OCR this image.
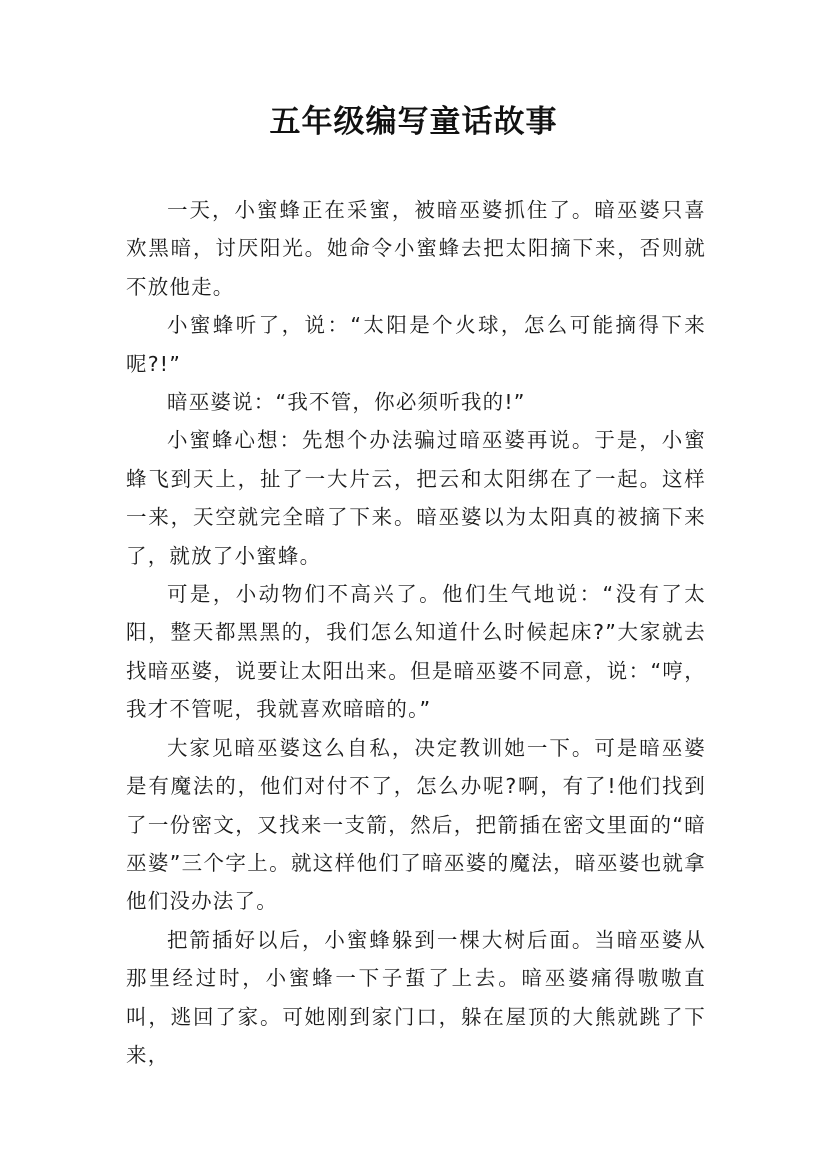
五年级编写童话故事

一天，小蜜蜂正在采蜜，被暗巫婆抓住了。暗巫婆只喜欢黑暗，讨厌阳光。她命令小蜜蜂去把太阳摘下来，否则就不放他走。

小蜜蜂听了，说：“太阳是个火球，怎么可能摘得下来呢?!”

暗巫婆说：“我不管，你必须听我的!”

小蜜蜂心想：先想个办法骗过暗巫婆再说。于是，小蜜蜂飞到天上，扯了一大片云，把云和太阳绑在了一起。这样一来，天空就完全暗了下来。暗巫婆以为太阳真的被摘下来了，就放了小蜜蜂。

可是，小动物们不高兴了。他们生气地说：“没有了太阳，整天都黑黑的，我们怎么知道什么时候起床?”大家就去找暗巫婆，说要让太阳出来。但是暗巫婆不同意，说：“哼，我才不管呢，我就喜欢暗暗的。”

大家见暗巫婆这么自私，决定教训她一下。可是暗巫婆是有魔法的，他们对付不了，怎么办呢?啊，有了!他们找到了一份密文，又找来一支箭，然后，把箭插在密文里面的“暗巫婆”三个字上。就这样他们了暗巫婆的魔法，暗巫婆也就拿他们没办法了。

把箭插好以后，小蜜蜂躲到一棵大树后面。当暗巫婆从那里经过时，小蜜蜂一下子蜇了上去。暗巫婆痛得嗷嗷直叫，逃回了家。可她刚到家门口，躲在屋顶的大熊就跳了下来，
